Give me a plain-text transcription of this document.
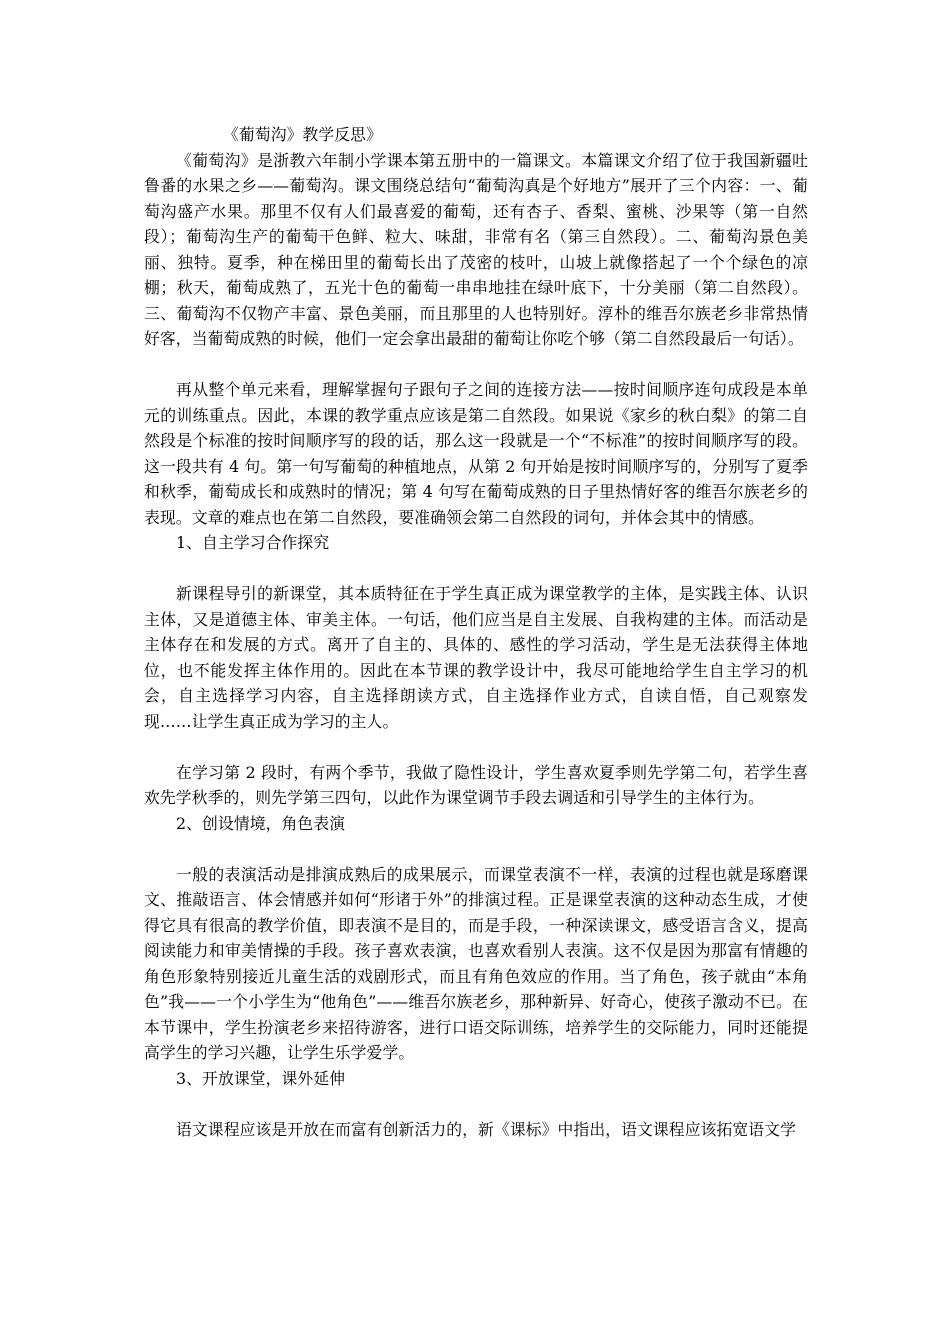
《葡萄沟》教学反思》

《葡萄沟》是浙教六年制小学课本第五册中的一篇课文。本篇课文介绍了位于我国新疆吐鲁番的水果之乡——葡萄沟。课文围绕总结句“葡萄沟真是个好地方”展开了三个内容：一、葡萄沟盛产水果。那里不仅有人们最喜爱的葡萄，还有杏子、香梨、蜜桃、沙果等（第一自然段）；葡萄沟生产的葡萄干色鲜、粒大、味甜，非常有名（第三自然段）。二、葡萄沟景色美丽、独特。夏季，种在梯田里的葡萄长出了茂密的枝叶，山坡上就像搭起了一个个绿色的凉棚；秋天，葡萄成熟了，五光十色的葡萄一串串地挂在绿叶底下，十分美丽（第二自然段）。三、葡萄沟不仅物产丰富、景色美丽，而且那里的人也特别好。淳朴的维吾尔族老乡非常热情好客，当葡萄成熟的时候，他们一定会拿出最甜的葡萄让你吃个够（第二自然段最后一句话）。

再从整个单元来看，理解掌握句子跟句子之间的连接方法——按时间顺序连句成段是本单元的训练重点。因此，本课的教学重点应该是第二自然段。如果说《家乡的秋白梨》的第二自然段是个标准的按时间顺序写的段的话，那么这一段就是一个“不标准”的按时间顺序写的段。这一段共有 4 句。第一句写葡萄的种植地点，从第 2 句开始是按时间顺序写的，分别写了夏季和秋季，葡萄成长和成熟时的情况；第 4 句写在葡萄成熟的日子里热情好客的维吾尔族老乡的表现。文章的难点也在第二自然段，要准确领会第二自然段的词句，并体会其中的情感。

1、自主学习合作探究

新课程导引的新课堂，其本质特征在于学生真正成为课堂教学的主体，是实践主体、认识主体，又是道德主体、审美主体。一句话，他们应当是自主发展、自我构建的主体。而活动是主体存在和发展的方式。离开了自主的、具体的、感性的学习活动，学生是无法获得主体地位，也不能发挥主体作用的。因此在本节课的教学设计中，我尽可能地给学生自主学习的机会，自主选择学习内容，自主选择朗读方式，自主选择作业方式，自读自悟，自己观察发现……让学生真正成为学习的主人。

在学习第 2 段时，有两个季节，我做了隐性设计，学生喜欢夏季则先学第二句，若学生喜欢先学秋季的，则先学第三四句，以此作为课堂调节手段去调适和引导学生的主体行为。

2、创设情境，角色表演

一般的表演活动是排演成熟后的成果展示，而课堂表演不一样，表演的过程也就是琢磨课文、推敲语言、体会情感并如何“形诸于外”的排演过程。正是课堂表演的这种动态生成，才使得它具有很高的教学价值，即表演不是目的，而是手段，一种深读课文，感受语言含义，提高阅读能力和审美情操的手段。孩子喜欢表演，也喜欢看别人表演。这不仅是因为那富有情趣的角色形象特别接近儿童生活的戏剧形式，而且有角色效应的作用。当了角色，孩子就由“本角色”我——一个小学生为“他角色”——维吾尔族老乡，那种新异、好奇心，使孩子激动不已。在本节课中，学生扮演老乡来招待游客，进行口语交际训练，培养学生的交际能力，同时还能提高学生的学习兴趣，让学生乐学爱学。

3、开放课堂，课外延伸

语文课程应该是开放在而富有创新活力的，新《课标》中指出，语文课程应该拓宽语文学
